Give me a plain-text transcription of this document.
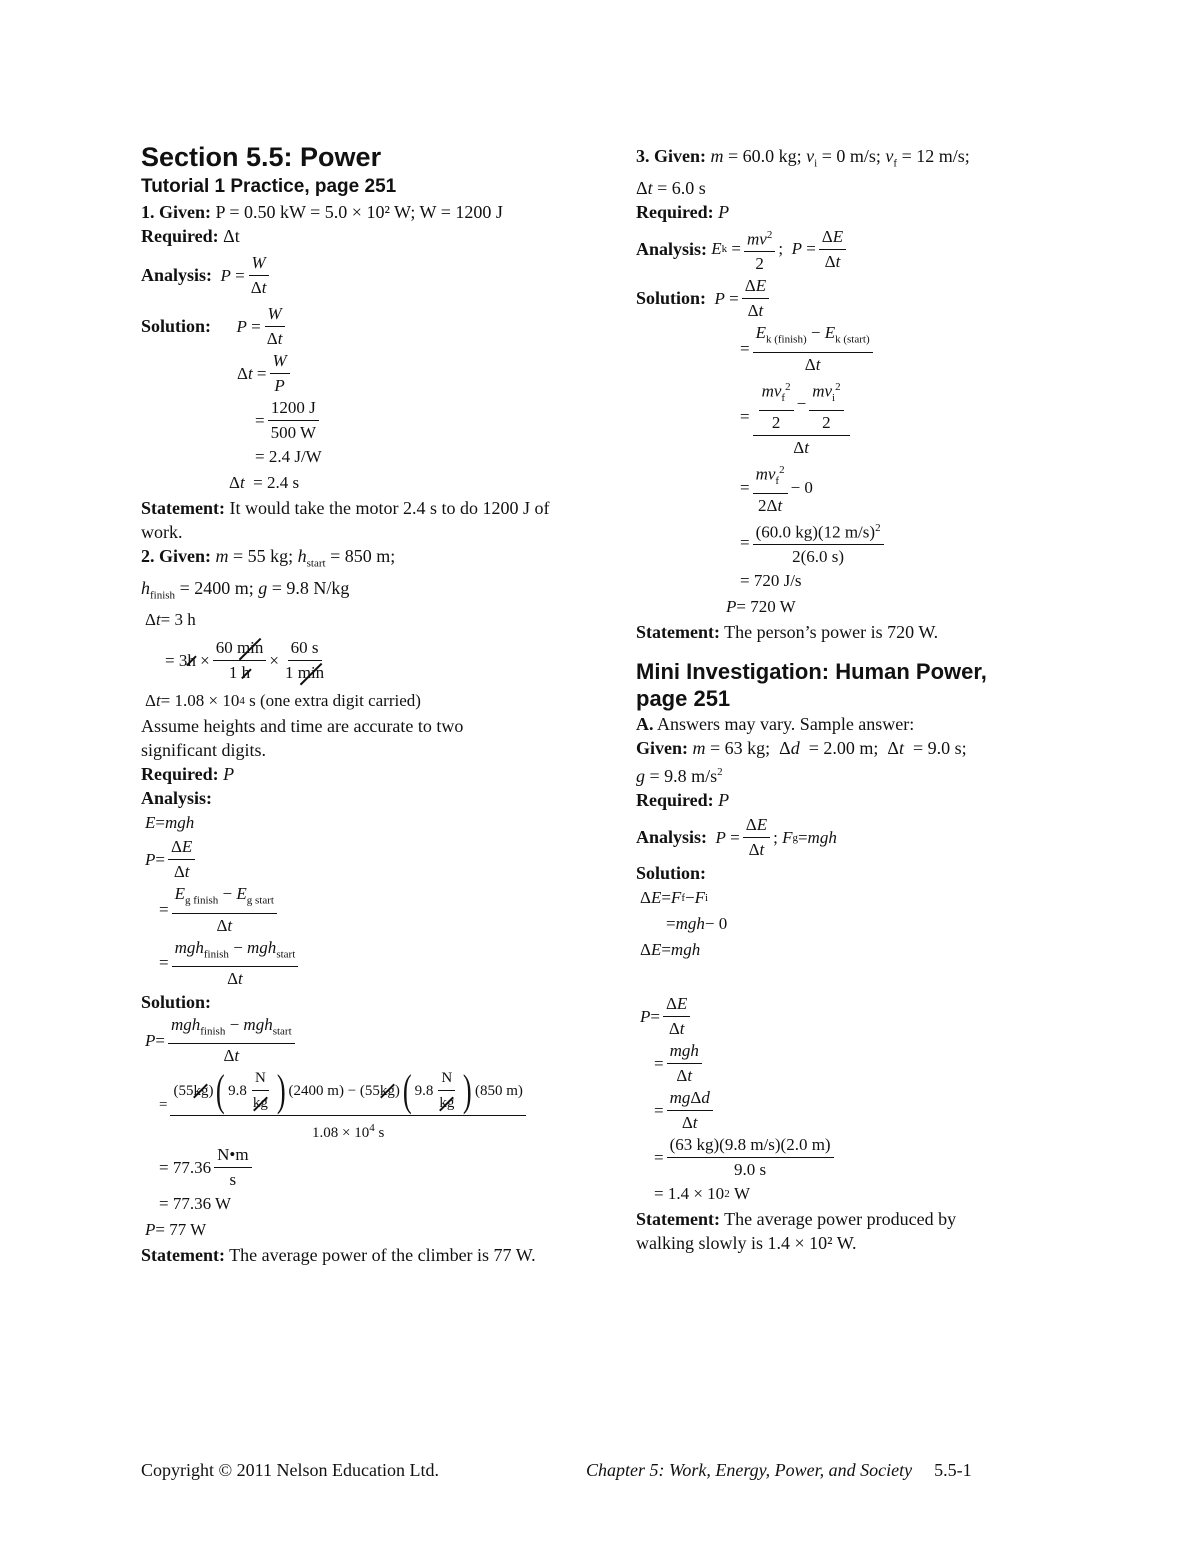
Section 5.5: Power
Tutorial 1 Practice, page 251
1. Given: P = 0.50 kW = 5.0 × 10² W; W = 1200 J
Required: Δt
Analysis:
$P = \frac{W}{\Delta t}$
Solution:
$P = \frac{W}{\Delta t}$
Δ $t = \frac{W}{P}$
= $\frac{1200 J}{500 W}$
= 2.4 J/W
Δ t = 2.4 s
Statement: It would take the motor 2.4 s to do 1200 J of work.
2. Given: m = 55 kg; $h_{start} = 850$ m;
$h_{finish} = 2400$ m; g = 9.8 N/kg
Δ t = 3 h
= 3 $h \times \frac{60 \min}{1 h} \times \frac{60 s}{1 \min}$
Δ t = 1.08 × 10 4 s (one extra digit carried)
Assume heights and time are accurate to two significant digits.
Required: P
Analysis:
E = mgh
$P = \frac{\Delta E}{\Delta t}$
= $\frac{E_{g finish} - E_{g start}}{\Delta t}$
= $\frac{mgh_{finish} - mgh_{start}}{\Delta t}$
Solution:
$P = \frac{mgh_{finish} - mgh_{start}}{\Delta t}$
= $\frac{(55 kg ) ( 9.8 \frac{N}{kg} ) (2400 m) - (55 kg ) ( 9.8 \frac{N}{kg} ) (850 m)}{1.08 \times 10^4 s}$
= $77.36 \frac{N•m}{s}$
= 77.36 W
P = 77 W
Statement: The average power of the climber is 77 W.
3. Given: m = 60.0 kg; $v_i = 0$ m/s; $v_f = 12$ m/s;
Δt = 6.0 s
Required: P
Analysis:
E $k = \frac{mv^2}{2}$ ; $P = \frac{\Delta E}{\Delta t}$
Solution:
$P = \frac{\Delta E}{\Delta t}$
= $\frac{E_{k (finish)} - E_{k (start)}}{\Delta t}$
= $\frac{\frac{mv_f^2}{2} - \frac{mv_i^2}{2}}{\Delta t}$
= $\frac{mv_f^2}{2\Delta t} - 0$
= $\frac{(60.0 kg)(12 m/s)^2}{2(6.0 s)}$
= 720 J/s
P = 720 W
Statement: The person’s power is 720 W.
Mini Investigation: Human Power, page 251
A. Answers may vary. Sample answer:
Given: m = 63 kg;  Δd  = 2.00 m;  Δt  = 9.0 s;
g = 9.8 $m/s^2$
Required: P
Analysis:
$P = \frac{\Delta E}{\Delta t}$ ; F g = mgh
Solution:
Δ E = F f − F i
= mgh − 0
Δ E = mgh
$P = \frac{\Delta E}{\Delta t}$
= $\frac{\text{mgh}}{\Delta t}$
= $\frac{\text{mgΔd}}{\Delta t}$
= $\frac{(63 kg)(9.8 m/s)(2.0 m)}{9.0 s}$
= 1.4 × 10 2 W
Statement: The average power produced by walking slowly is 1.4 × 10² W.
Copyright © 2011 Nelson Education Ltd.	Chapter 5: Work, Energy, Power, and Society 5.5-1
